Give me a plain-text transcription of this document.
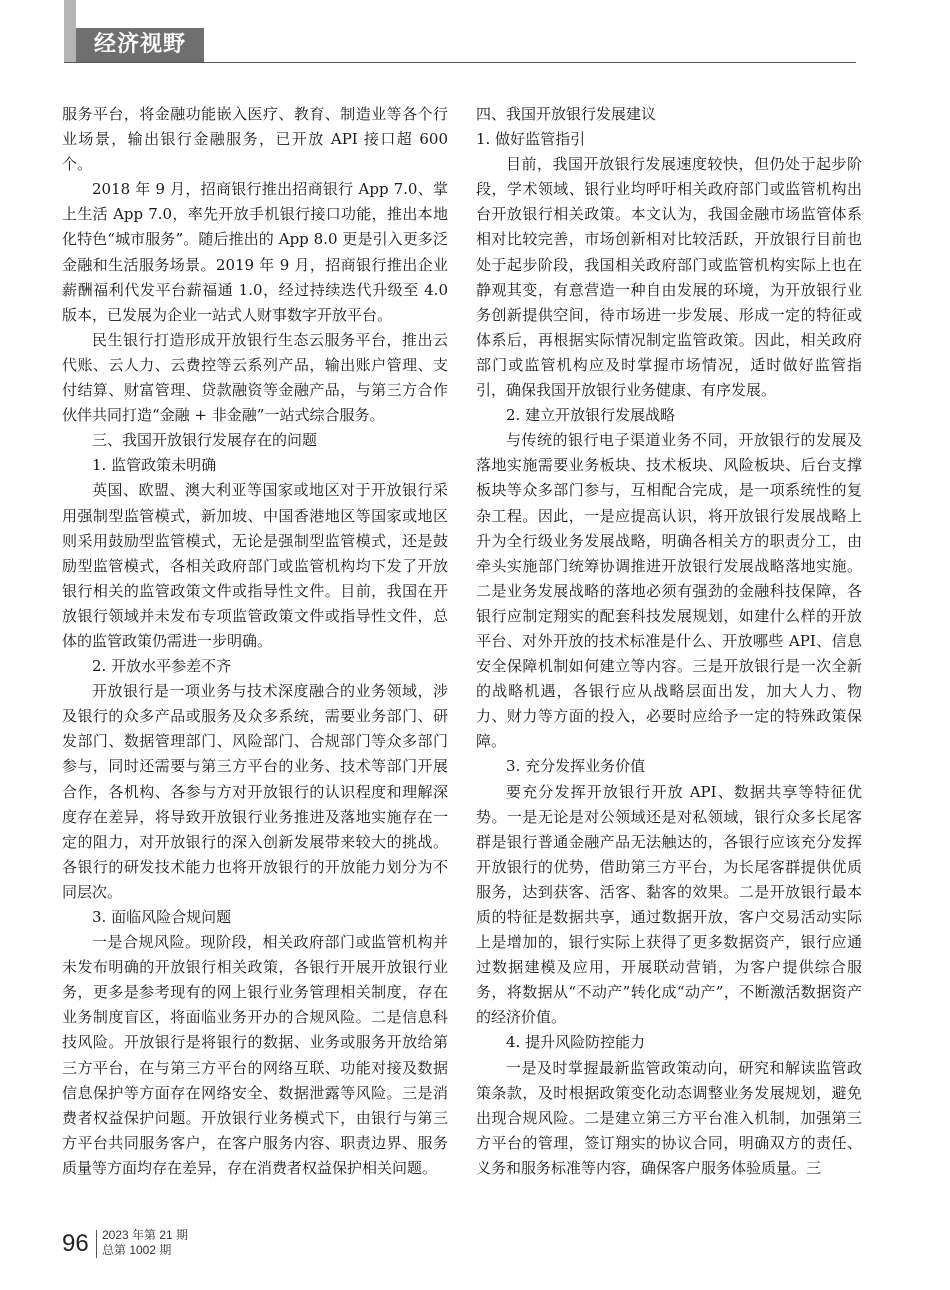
经济视野

服务平台，将金融功能嵌入医疗、教育、制造业等各个行业场景，输出银行金融服务，已开放 API 接口超 600 个。

2018 年 9 月，招商银行推出招商银行 App 7.0、掌上生活 App 7.0，率先开放手机银行接口功能，推出本地化特色“城市服务”。随后推出的 App 8.0 更是引入更多泛金融和生活服务场景。2019 年 9 月，招商银行推出企业薪酬福利代发平台薪福通 1.0，经过持续迭代升级至 4.0 版本，已发展为企业一站式人财事数字开放平台。

民生银行打造形成开放银行生态云服务平台，推出云代账、云人力、云费控等云系列产品，输出账户管理、支付结算、财富管理、贷款融资等金融产品，与第三方合作伙伴共同打造“金融 + 非金融”一站式综合服务。

三、我国开放银行发展存在的问题
1. 监管政策未明确

英国、欧盟、澳大利亚等国家或地区对于开放银行采用强制型监管模式，新加坡、中国香港地区等国家或地区则采用鼓励型监管模式，无论是强制型监管模式，还是鼓励型监管模式，各相关政府部门或监管机构均下发了开放银行相关的监管政策文件或指导性文件。目前，我国在开放银行领域并未发布专项监管政策文件或指导性文件，总体的监管政策仍需进一步明确。

2. 开放水平参差不齐

开放银行是一项业务与技术深度融合的业务领域，涉及银行的众多产品或服务及众多系统，需要业务部门、研发部门、数据管理部门、风险部门、合规部门等众多部门参与，同时还需要与第三方平台的业务、技术等部门开展合作，各机构、各参与方对开放银行的认识程度和理解深度存在差异，将导致开放银行业务推进及落地实施存在一定的阻力，对开放银行的深入创新发展带来较大的挑战。各银行的研发技术能力也将开放银行的开放能力划分为不同层次。

3. 面临风险合规问题

一是合规风险。现阶段，相关政府部门或监管机构并未发布明确的开放银行相关政策，各银行开展开放银行业务，更多是参考现有的网上银行业务管理相关制度，存在业务制度盲区，将面临业务开办的合规风险。二是信息科技风险。开放银行是将银行的数据、业务或服务开放给第三方平台，在与第三方平台的网络互联、功能对接及数据信息保护等方面存在网络安全、数据泄露等风险。三是消费者权益保护问题。开放银行业务模式下，由银行与第三方平台共同服务客户，在客户服务内容、职责边界、服务质量等方面均存在差异，存在消费者权益保护相关问题。

四、我国开放银行发展建议
1. 做好监管指引

目前，我国开放银行发展速度较快，但仍处于起步阶段，学术领域、银行业均呼吁相关政府部门或监管机构出台开放银行相关政策。本文认为，我国金融市场监管体系相对比较完善，市场创新相对比较活跃，开放银行目前也处于起步阶段，我国相关政府部门或监管机构实际上也在静观其变，有意营造一种自由发展的环境，为开放银行业务创新提供空间，待市场进一步发展、形成一定的特征或体系后，再根据实际情况制定监管政策。因此，相关政府部门或监管机构应及时掌握市场情况，适时做好监管指引，确保我国开放银行业务健康、有序发展。

2. 建立开放银行发展战略

与传统的银行电子渠道业务不同，开放银行的发展及落地实施需要业务板块、技术板块、风险板块、后台支撑板块等众多部门参与，互相配合完成，是一项系统性的复杂工程。因此，一是应提高认识，将开放银行发展战略上升为全行级业务发展战略，明确各相关方的职责分工，由牵头实施部门统筹协调推进开放银行发展战略落地实施。二是业务发展战略的落地必须有强劲的金融科技保障，各银行应制定翔实的配套科技发展规划，如建什么样的开放平台、对外开放的技术标准是什么、开放哪些 API、信息安全保障机制如何建立等内容。三是开放银行是一次全新的战略机遇，各银行应从战略层面出发，加大人力、物力、财力等方面的投入，必要时应给予一定的特殊政策保障。

3. 充分发挥业务价值

要充分发挥开放银行开放 API、数据共享等特征优势。一是无论是对公领域还是对私领域，银行众多长尾客群是银行普通金融产品无法触达的，各银行应该充分发挥开放银行的优势，借助第三方平台，为长尾客群提供优质服务，达到获客、活客、黏客的效果。二是开放银行最本质的特征是数据共享，通过数据开放，客户交易活动实际上是增加的，银行实际上获得了更多数据资产，银行应通过数据建模及应用，开展联动营销，为客户提供综合服务，将数据从“不动产”转化成“动产”，不断激活数据资产的经济价值。

4. 提升风险防控能力

一是及时掌握最新监管政策动向，研究和解读监管政策条款，及时根据政策变化动态调整业务发展规划，避免出现合规风险。二是建立第三方平台准入机制，加强第三方平台的管理，签订翔实的协议合同，明确双方的责任、义务和服务标准等内容，确保客户服务体验质量。三

96 2023 年第 21 期
总第 1002 期
